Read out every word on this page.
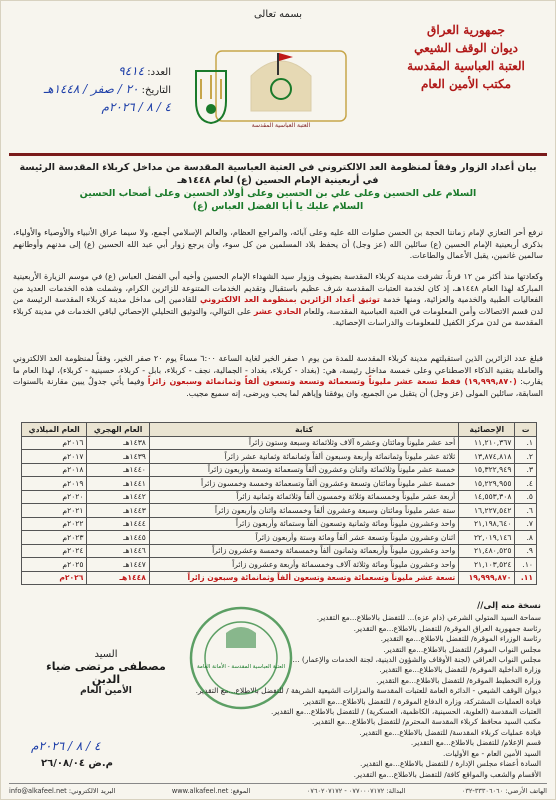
بسمه تعالى
جمهورية العراق
ديوان الوقف الشيعي
العتبة العباسية المقدسة
مكتب الأمين العام
العتبة العباسية المقدسة
العدد: ٩٤١٤
التاريخ: ٢٠ / صفر / ١٤٤٨هـ
٤ / ٨ / ٢٠٢٦م
بيان أعداد الزوار وفقاً لمنظومة العد الالكتروني في العتبة العباسية المقدسة من مداخل كربلاء المقدسة الرئيسة
في أربعينية الإمام الحسين (ع) لعام ١٤٤٨هـ
السلام على الحسين وعلى علي بن الحسين وعلى أولاد الحسين وعلى أصحاب الحسين
السلام عليك يا أبا الفضل العباس (ع)
نرفع أحر التعازي لإمام زماننا الحجة بن الحسن صلوات الله عليه وعلى آبائه، والمراجع العظام، والعالم الإسلامي أجمع، ولا سيما عراق الأنبياء والأوصياء والأولياء، بذكرى أربعينية الإمام الحسين (ع) سائلين الله (عز وجل) أن يحفظ بلاد المسلمين من كل سوء، وأن يرجع زوار أبي عبد الله الحسين (ع) إلى مدنهم وأوطانهم سالمين غانمين، يقبل الأعمال والطاعات.
وكعادتها منذ أكثر من ١٢ قرناً، تشرفت مدينة كربلاء المقدسة بضيوف وزوار سيد الشهداء الإمام الحسين وأخيه أبي الفضل العباس (ع) في موسم الزيارة الأربعينية المباركة لهذا العام ١٤٤٨هـ، إذ كان لخدمة العتبات المقدسة شرف عظيم باستقبال وتقديم الخدمات المتنوعة للزائرين الكرام، وشملت هذه الخدمات العديد من الفعاليات الطبية والخدمية والعزائية، ومنها خدمة توثيق أعداد الزائرين بمنظومة العد الالكتروني للقادمين إلى مداخل مدينة كربلاء المقدسة الرئيسة من لدن قسم الاتصالات وأمن المعلومات في العتبة العباسية المقدسة، وللعام الحادي عشر على التوالي، والتوثيق التحليلي الإحصائي لباقي الخدمات في مدينة كربلاء المقدسة من لدن مركز الكفيل للمعلومات والدراسات الإحصائية.
فبلغ عدد الزائرين الذين استقبلتهم مدينة كربلاء المقدسة للمدة من يوم ١ صفر الخير لغاية الساعة ٦:٠٠ مساءً يوم ٢٠ صفر الخير، وفقاً لمنظومة العد الالكتروني والعاملة بتقنية الذكاء الاصطناعي وعلى خمسة مداخل رئيسة، هي: (بغداد - كربلاء، بغداد - الجمالية، نجف - كربلاء، بابل - كربلاء، حسينية - كربلاء)، لهذا العام ما يقارب: (١٩,٩٩٩,٨٧٠) فقط تسعة عشر مليوناً وتسعمائة وتسعة وتسعون ألفاً وثمانمائة وسبعون زائراً وفيما يأتي جدولٌ يبين مقارنة بالسنوات السابقة، سائلين المولى (عز وجل) أن يتقبل من الجميع، وان يوفقنا وإياهم لما يحب ويرضى، إنه سميع مجيب.
ت	الإحصائية	كتابة	العام الهجري	العام الميلادي
١.	١١,٢١٠,٣٦٧	أحد عشر مليوناً ومائتان وعشرة آلاف وثلاثمائة وسبعة وستون زائراً	١٤٣٨هـ	٢٠١٦م
٢.	١٣,٨٧٤,٨١٨	ثلاثة عشر مليوناً وثمانمائة وأربعة وسبعون ألفاً وثمانمائة وثمانية عشر زائراً	١٤٣٩هـ	٢٠١٧م
٣.	١٥,٣٢٢,٩٤٩	خمسة عشر مليوناً وثلاثمائة واثنان وعشرون ألفاً وتسعمائة وتسعة وأربعون زائراً	١٤٤٠هـ	٢٠١٨م
٤.	١٥,٢٢٩,٩٥٥	خمسة عشر مليوناً ومائتان وتسعة وعشرون ألفاً وتسعمائة وخمسة وخمسون زائراً	١٤٤١هـ	٢٠١٩م
٥.	١٤,٥٥٣,٣٠٨	أربعة عشر مليوناً وخمسمائة وثلاثة وخمسون ألفاً وثلاثمائة وثمانية زائراً	١٤٤٢هـ	٢٠٢٠م
٦.	١٦,٢٢٧,٥٤٢	ستة عشر مليوناً ومائتان وسبعة وعشرون ألفاً وخمسمائة واثنان وأربعون زائراً	١٤٤٣هـ	٢٠٢١م
٧.	٢١,١٩٨,٦٤٠	واحد وعشرون مليوناً ومائة وثمانية وتسعون ألفاً وستمائة وأربعون زائراً	١٤٤٤هـ	٢٠٢٢م
٨.	٢٢,٠١٩,١٤٦	اثنان وعشرون مليوناً وتسعة عشر ألفاً ومائة وستة وأربعون زائراً	١٤٤٥هـ	٢٠٢٣م
٩.	٢١,٤٨٠,٥٢٥	واحد وعشرون مليوناً وأربعمائة وثمانون ألفاً وخمسمائة وخمسة وعشرون زائراً	١٤٤٦هـ	٢٠٢٤م
١٠.	٢١,١٠٣,٥٢٤	واحد وعشرون مليوناً ومائة وثلاثة آلاف وخمسمائة وأربعة وعشرون زائراً	١٤٤٧هـ	٢٠٢٥م
١١.	١٩,٩٩٩,٨٧٠	تسعة عشر مليوناً وتسعمائة وتسعة وتسعون ألفاً وثمانمائة وسبعون زائراً	١٤٤٨هـ	٢٠٢٦م
نسخة منه إلى//
سماحة السيد المتولي الشرعي (دام عزه)... للتفضل بالاطلاع...مع التقدير.
رئاسة جمهورية العراق الموقرة/ للتفضل بالاطلاع...مع التقدير.
رئاسة الوزراء الموقرة/ للتفضل بالاطلاع...مع التقدير.
مجلس النواب الموقر/ للتفضل بالاطلاع...مع التقدير.
مجلس النواب العراقي (لجنة الأوقاف والشؤون الدينية، لجنة الخدمات والإعمار) ...
وزارة الداخلية الموقرة/ للتفضل بالاطلاع...مع التقدير.
وزارة التخطيط الموقرة/ للتفضل بالاطلاع...مع التقدير.
ديوان الوقف الشيعي - الدائرة العامة للعتبات المقدسة والمزارات الشيعية الشريفة / للتفضل بالاطلاع...مع التقدير.
قيادة العمليات المشتركة، وزارة الدفاع الموقرة / للتفضل بالاطلاع...مع التقدير.
العتبات المقدسة (العلوية، الحسينية، الكاظمية، العسكرية) / للتفضل بالاطلاع...مع التقدير.
مكتب السيد محافظ كربلاء المقدسة المحترم/ للتفضل بالاطلاع...مع التقدير.
قيادة عمليات كربلاء المقدسة/ للتفضل بالاطلاع...مع التقدير.
قسم الإعلام/ للتفضل بالاطلاع...مع التقدير.
السيد الأمين العام - مع الأوليات.
السادة أعضاء مجلس الإدارة / للتفضل بالاطلاع...مع التقدير.
الأقسام والشعب والمواقع كافة/ للتفضل بالاطلاع...مع التقدير.
العتبة العباسية المقدسة - الأمانة العامة
السيد
مصطفى مرتضى ضياء الدين
الأمين العام
٤ / ٨ / ٢٠٢٦م
م.ض ٢٦/٠٨/٠٤
الهاتف الأرضي: ٣٣٣٠٦٠٦٠-٠٣٢
البدالة: ٠٧٧٠٠٠٧١٧٢ - ٠٧٦٠٢٠٧١٧٢
الموقع: www.alkafeel.net
البريد الالكتروني: info@alkafeel.net
